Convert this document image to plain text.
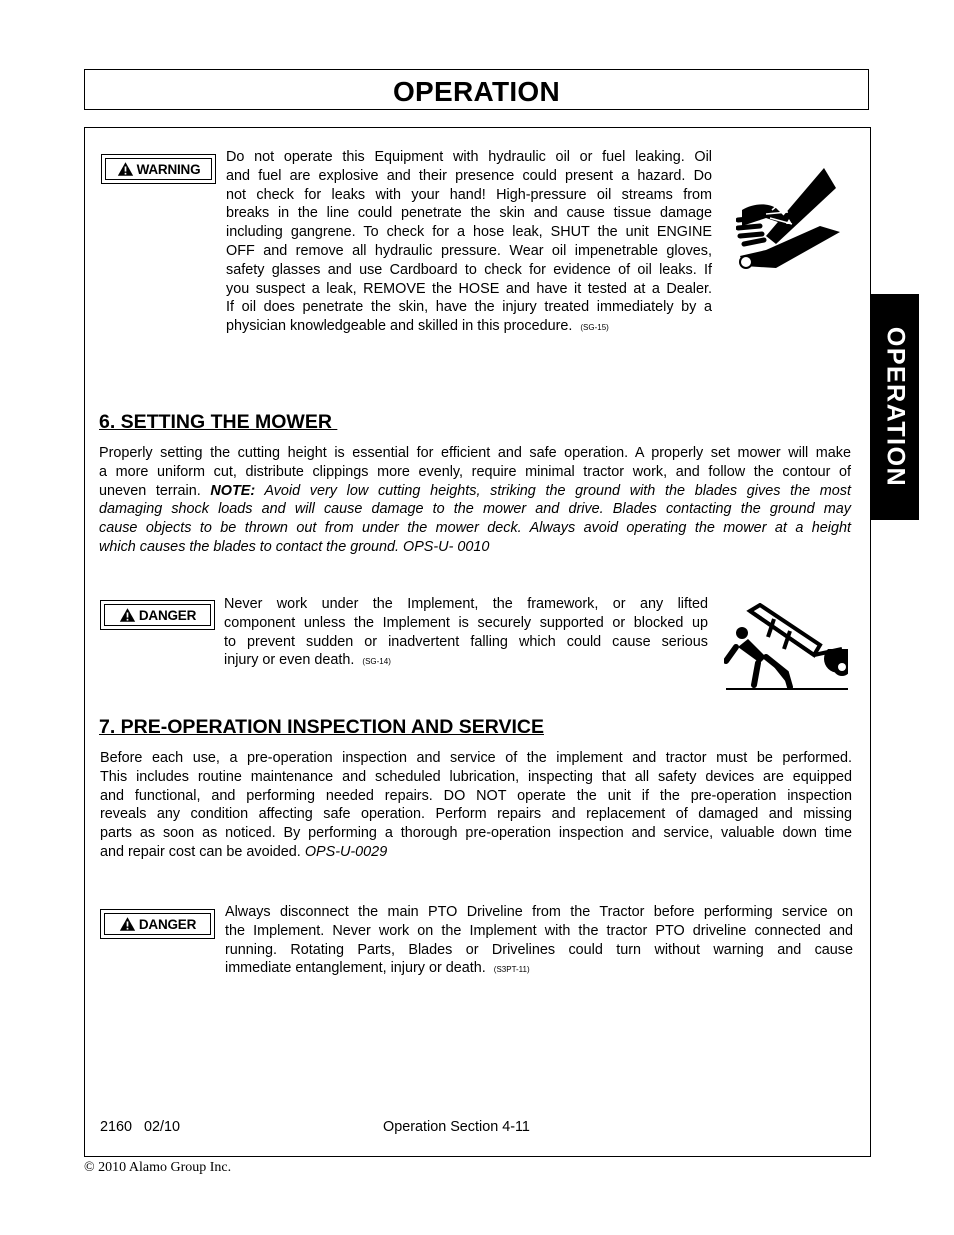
OPERATION
OPERATION
WARNING
Do not operate this Equipment with hydraulic oil or fuel leaking. Oil
and fuel are explosive and their presence could present a hazard. Do
not check for leaks with your hand! High-pressure oil streams from
breaks in the line could penetrate the skin and cause tissue damage
including gangrene. To check for a hose leak, SHUT the unit ENGINE
OFF and remove all hydraulic pressure. Wear oil impenetrable gloves,
safety glasses and use Cardboard to check for evidence of oil leaks. If
you suspect a leak, REMOVE the HOSE and have it tested at a Dealer.
If oil does penetrate the skin, have the injury treated immediately by a
physician knowledgeable and skilled in this procedure. (SG-15)
6. SETTING THE MOWER
Properly setting the cutting height is essential for efficient and safe operation. A properly set mower will make
a more uniform cut, distribute clippings more evenly, require minimal tractor work, and follow the contour of
uneven terrain. NOTE: Avoid very low cutting heights, striking the ground with the blades gives the most
damaging shock loads and will cause damage to the mower and drive. Blades contacting the ground may
cause objects to be thrown out from under the mower deck. Always avoid operating the mower at a height
which causes the blades to contact the ground. OPS-U- 0010
DANGER
Never work under the Implement, the framework, or any lifted
component unless the Implement is securely supported or blocked up
to prevent sudden or inadvertent falling which could cause serious
injury or even death. (SG-14)
7. PRE-OPERATION INSPECTION AND SERVICE
Before each use, a pre-operation inspection and service of the implement and tractor must be performed.
This includes routine maintenance and scheduled lubrication, inspecting that all safety devices are equipped
and functional, and performing needed repairs. DO NOT operate the unit if the pre-operation inspection
reveals any condition affecting safe operation. Perform repairs and replacement of damaged and missing
parts as soon as noticed. By performing a thorough pre-operation inspection and service, valuable down time
and repair cost can be avoided. OPS-U-0029
DANGER
Always disconnect the main PTO Driveline from the Tractor before performing service on
the Implement. Never work on the Implement with the tractor PTO driveline connected and
running. Rotating Parts, Blades or Drivelines could turn without warning and cause
immediate entanglement, injury or death. (S3PT-11)
2160   02/10	Operation Section 4-11
© 2010 Alamo Group Inc.
